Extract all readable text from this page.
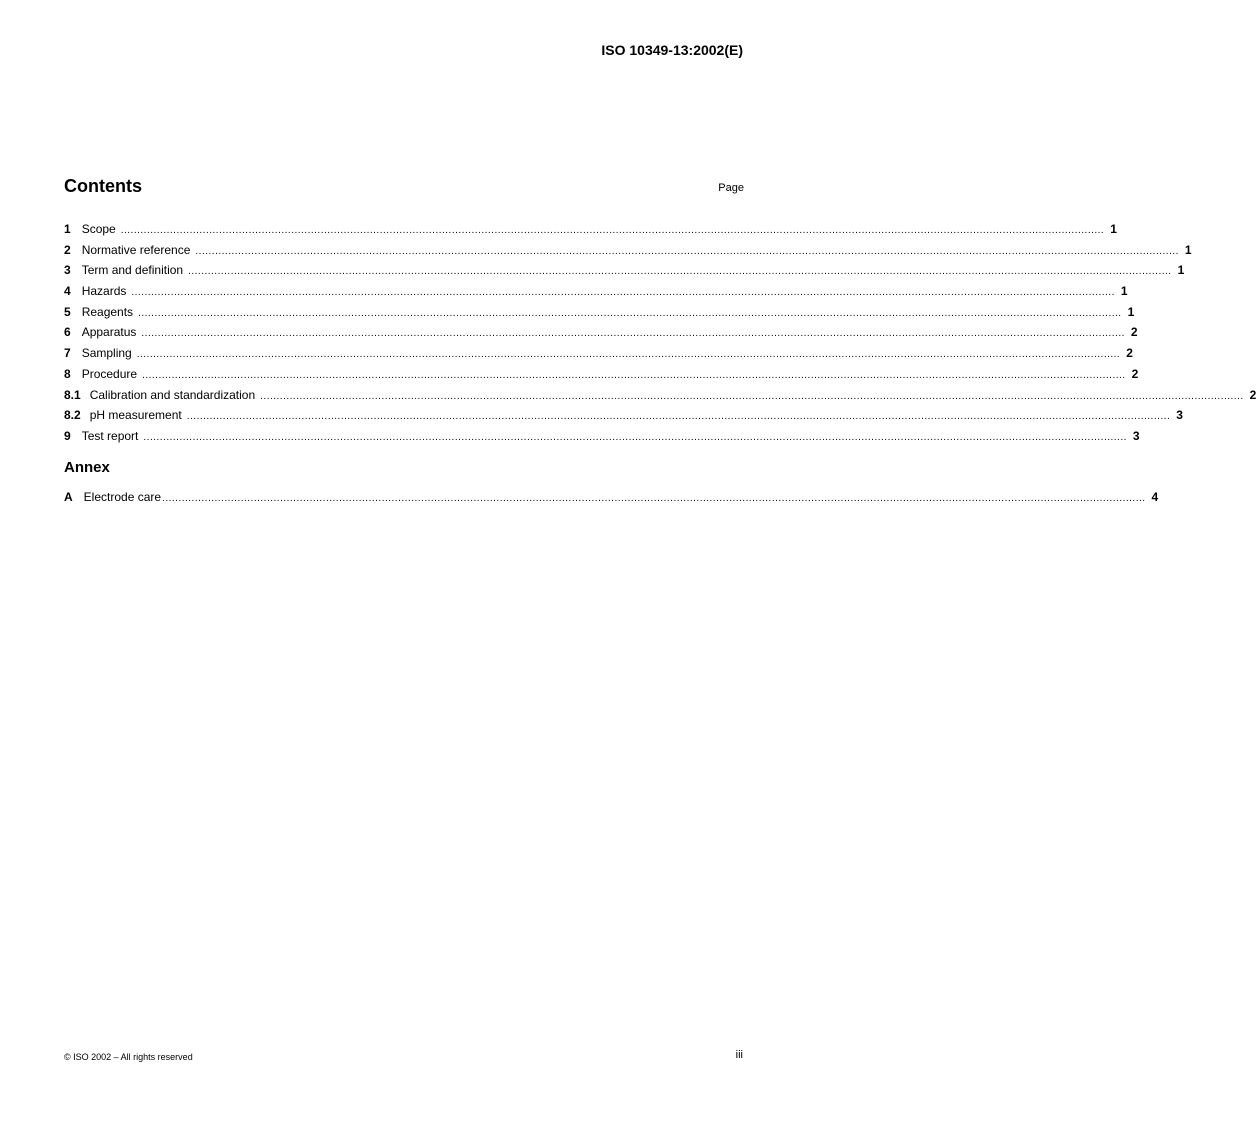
ISO 10349-13:2002(E)
Contents	Page
1 Scope ............................................................................................................................................................................................................................................................................................................ 1
2 Normative reference ............................................................................................................................................................................................................................................................................................................ 1
3 Term and definition ............................................................................................................................................................................................................................................................................................................ 1
4 Hazards ............................................................................................................................................................................................................................................................................................................ 1
5 Reagents ............................................................................................................................................................................................................................................................................................................ 1
6 Apparatus ............................................................................................................................................................................................................................................................................................................ 2
7 Sampling ............................................................................................................................................................................................................................................................................................................ 2
8 Procedure ............................................................................................................................................................................................................................................................................................................ 2
8.1 Calibration and standardization ............................................................................................................................................................................................................................................................................................................ 2
8.2 pH measurement ............................................................................................................................................................................................................................................................................................................ 3
9 Test report ............................................................................................................................................................................................................................................................................................................ 3
Annex
A Electrode care ............................................................................................................................................................................................................................................................................................................ 4
© ISO 2002 – All rights reserved	iii
